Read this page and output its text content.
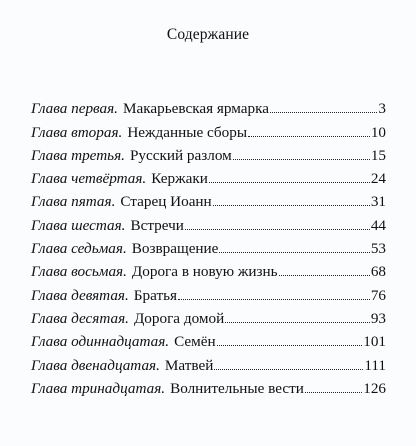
Содержание
Глава первая. Макарьевская ярмарка	3
Глава вторая. Нежданные сборы	10
Глава третья. Русский разлом	15
Глава четвёртая. Кержаки	24
Глава пятая. Старец Иоанн	31
Глава шестая. Встречи	44
Глава седьмая. Возвращение	53
Глава восьмая. Дорога в новую жизнь	68
Глава девятая. Братья	76
Глава десятая. Дорога домой	93
Глава одиннадцатая. Семён	101
Глава двенадцатая. Матвей	111
Глава тринадцатая. Волнительные вести	126
